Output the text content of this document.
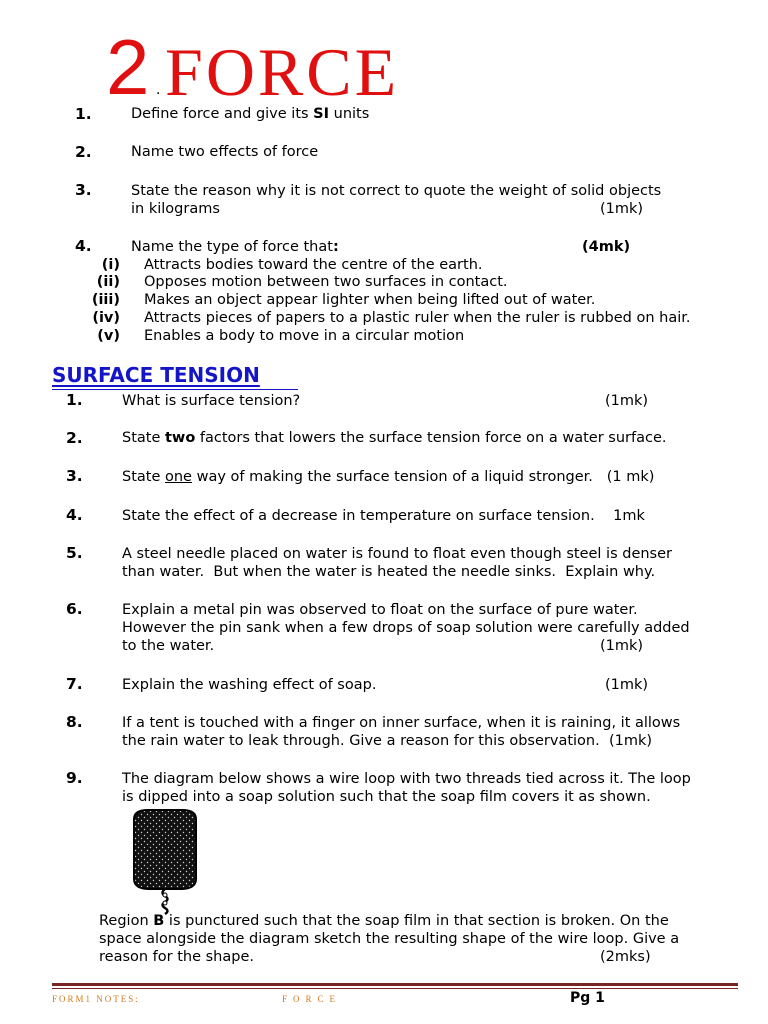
2 . FORCE
1.	Define force and give its SI units
2.	Name two effects of force
3.	State the reason why it is not correct to quote the weight of solid objects
in kilograms	(1mk)
4.	Name the type of force that:	(4mk)
(i) Attracts bodies toward the centre of the earth.
(ii) Opposes motion between two surfaces in contact.
(iii) Makes an object appear lighter when being lifted out of water.
(iv) Attracts pieces of papers to a plastic ruler when the ruler is rubbed on hair.
(v) Enables a body to move in a circular motion
SURFACE TENSION
1.	What is surface tension?	(1mk)
2.	State two factors that lowers the surface tension force on a water surface.
3.	State one way of making the surface tension of a liquid stronger.   (1 mk)
4.	State the effect of a decrease in temperature on surface tension.    1mk
5.	A steel needle placed on water is found to float even though steel is denser
than water.  But when the water is heated the needle sinks.  Explain why.
6.	Explain a metal pin was observed to float on the surface of pure water.
However the pin sank when a few drops of soap solution were carefully added
to the water.	(1mk)
7.	Explain the washing effect of soap.	(1mk)
8.	If a tent is touched with a finger on inner surface, when it is raining, it allows
the rain water to leak through. Give a reason for this observation.  (1mk)
9.	The diagram below shows a wire loop with two threads tied across it. The loop
is dipped into a soap solution such that the soap film covers it as shown.
Region B is punctured such that the soap film in that section is broken. On the
space alongside the diagram sketch the resulting shape of the wire loop. Give a
reason for the shape.	(2mks)
FORM1 NOTES:	FORCE	Pg 1
